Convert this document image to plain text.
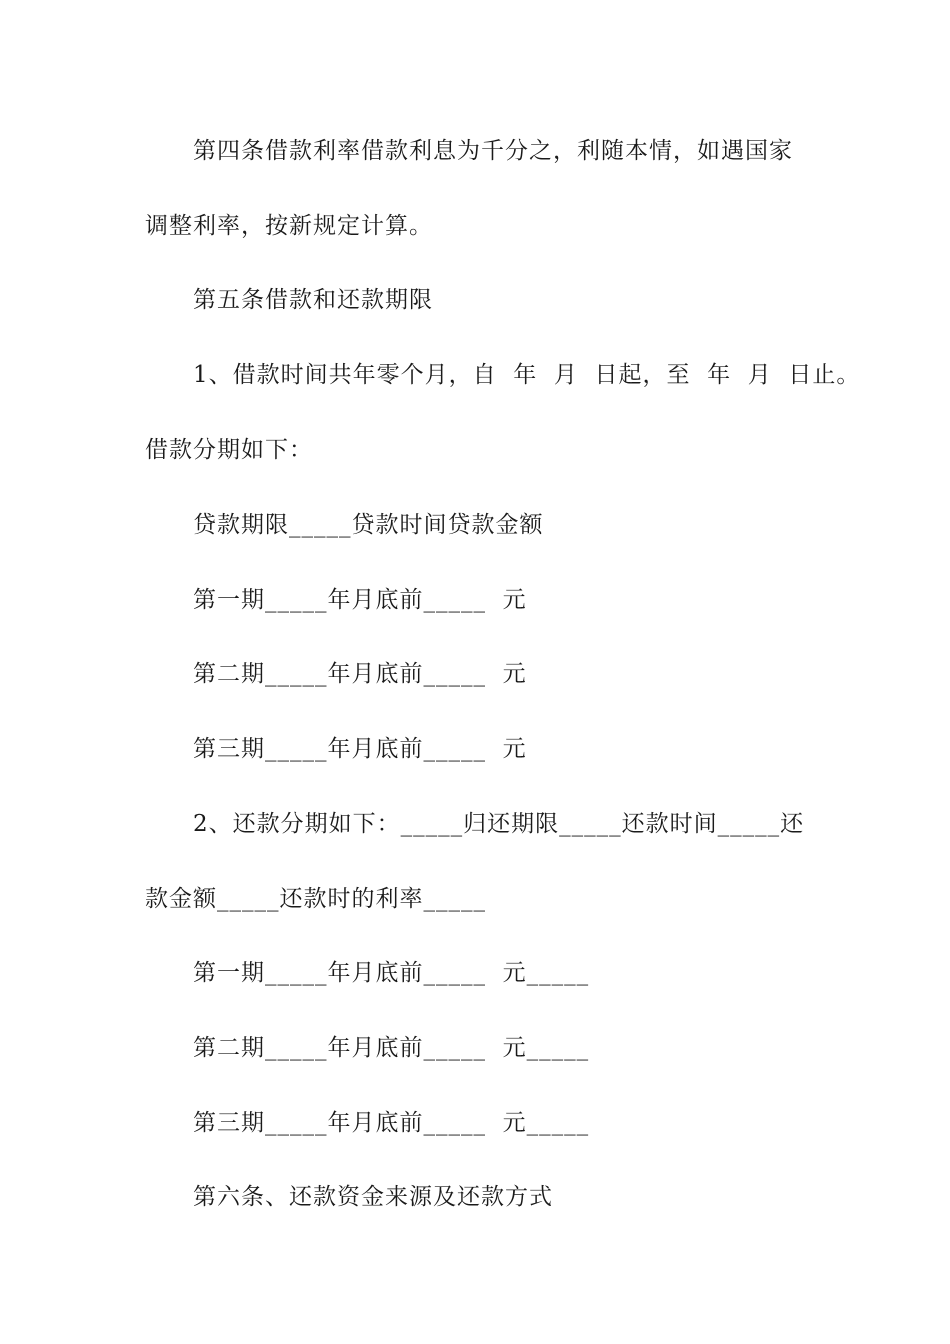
第四条借款利率借款利息为千分之，利随本情，如遇国家
调整利率，按新规定计算。
第五条借款和还款期限
1、借款时间共年零个月，自  年  月  日起，至  年  月  日止。
借款分期如下：
贷款期限_____贷款时间贷款金额
第一期_____年月底前_____  元
第二期_____年月底前_____  元
第三期_____年月底前_____  元
2、还款分期如下：_____归还期限_____还款时间_____还
款金额_____还款时的利率_____
第一期_____年月底前_____  元_____
第二期_____年月底前_____  元_____
第三期_____年月底前_____  元_____
第六条、还款资金来源及还款方式
